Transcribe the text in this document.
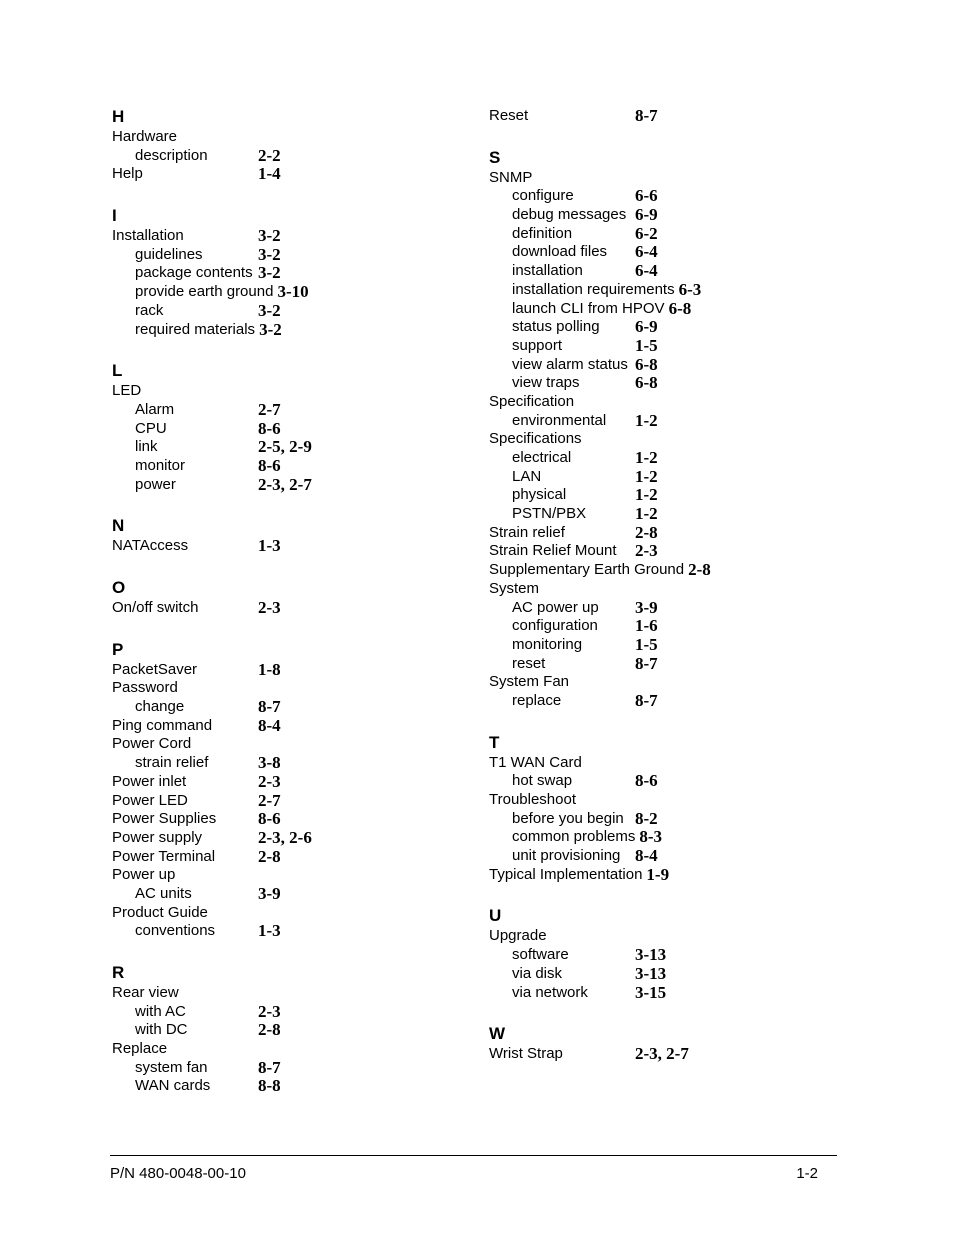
H
Hardware
description	2-2
Help	1-4
I
Installation	3-2
guidelines	3-2
package contents 3-2
provide earth ground 3-10
rack	3-2
required materials 3-2
L
LED
Alarm	2-7
CPU	8-6
link	2-5, 2-9
monitor	8-6
power	2-3, 2-7
N
NATAccess	1-3
O
On/off switch	2-3
P
PacketSaver	1-8
Password
change	8-7
Ping command	8-4
Power Cord
strain relief	3-8
Power inlet	2-3
Power LED	2-7
Power Supplies 8-6
Power supply	2-3, 2-6
Power Terminal	2-8
Power up
AC units	3-9
Product Guide
conventions	1-3
R
Rear view
with AC	2-3
with DC	2-8
Replace
system fan	8-7
WAN cards	8-8
Reset	8-7
S
SNMP
configure	6-6
debug messages 6-9
definition	6-2
download files 6-4
installation	6-4
installation requirements 6-3
launch CLI from HPOV 6-8
status polling 6-9
support	1-5
view alarm status 6-8
view traps	6-8
Specification
environmental 1-2
Specifications
electrical	1-2
LAN	1-2
physical	1-2
PSTN/PBX	1-2
Strain relief	2-8
Strain Relief Mount 2-3
Supplementary Earth Ground 2-8
System
AC power up 3-9
configuration 1-6
monitoring	1-5
reset	8-7
System Fan
replace	8-7
T
T1 WAN Card
hot swap	8-6
Troubleshoot
before you begin 8-2
common problems 8-3
unit provisioning 8-4
Typical Implementation 1-9
U
Upgrade
software	3-13
via disk	3-13
via network	3-15
W
Wrist Strap	2-3, 2-7
P/N 480-0048-00-10	1-2
